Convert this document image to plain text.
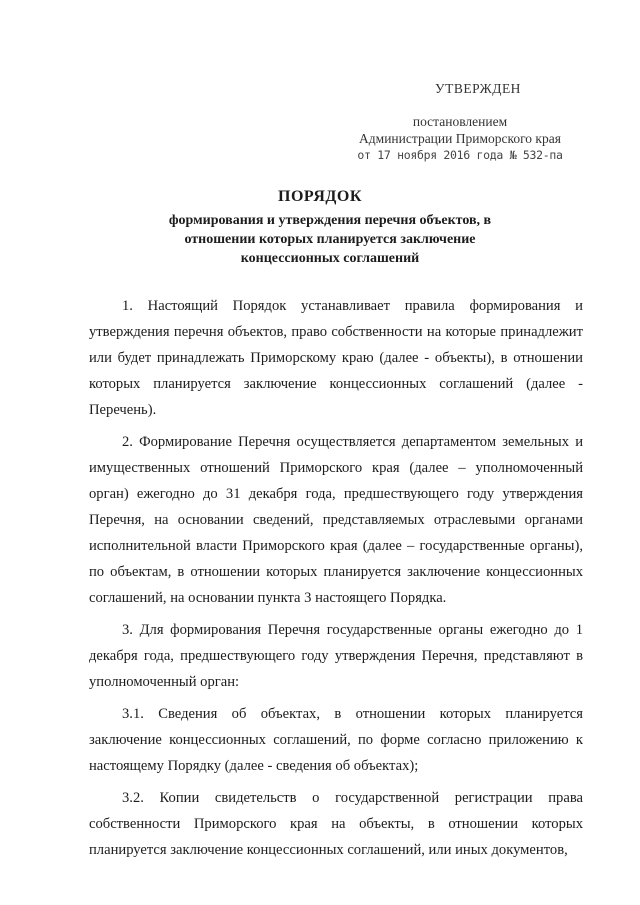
УТВЕРЖДЕН
постановлением
Администрации Приморского края
от 17 ноября 2016 года № 532-па
ПОРЯДОК
формирования и утверждения перечня объектов, в отношении которых планируется заключение концессионных соглашений

1. Настоящий Порядок устанавливает правила формирования и утверждения перечня объектов, право собственности на которые принадлежит или будет принадлежать Приморскому краю (далее - объекты), в отношении которых планируется заключение концессионных соглашений (далее - Перечень).

2. Формирование Перечня осуществляется департаментом земельных и имущественных отношений Приморского края (далее – уполномоченный орган) ежегодно до 31 декабря года, предшествующего году утверждения Перечня, на основании сведений, представляемых отраслевыми органами исполнительной власти Приморского края (далее – государственные органы), по объектам, в отношении которых планируется заключение концессионных соглашений, на основании пункта 3 настоящего Порядка.

3. Для формирования Перечня государственные органы ежегодно до 1 декабря года, предшествующего году утверждения Перечня, представляют в уполномоченный орган:

3.1. Сведения об объектах, в отношении которых планируется заключение концессионных соглашений, по форме согласно приложению к настоящему Порядку (далее - сведения об объектах);

3.2. Копии свидетельств о государственной регистрации права собственности Приморского края на объекты, в отношении которых планируется заключение концессионных соглашений, или иных документов,
